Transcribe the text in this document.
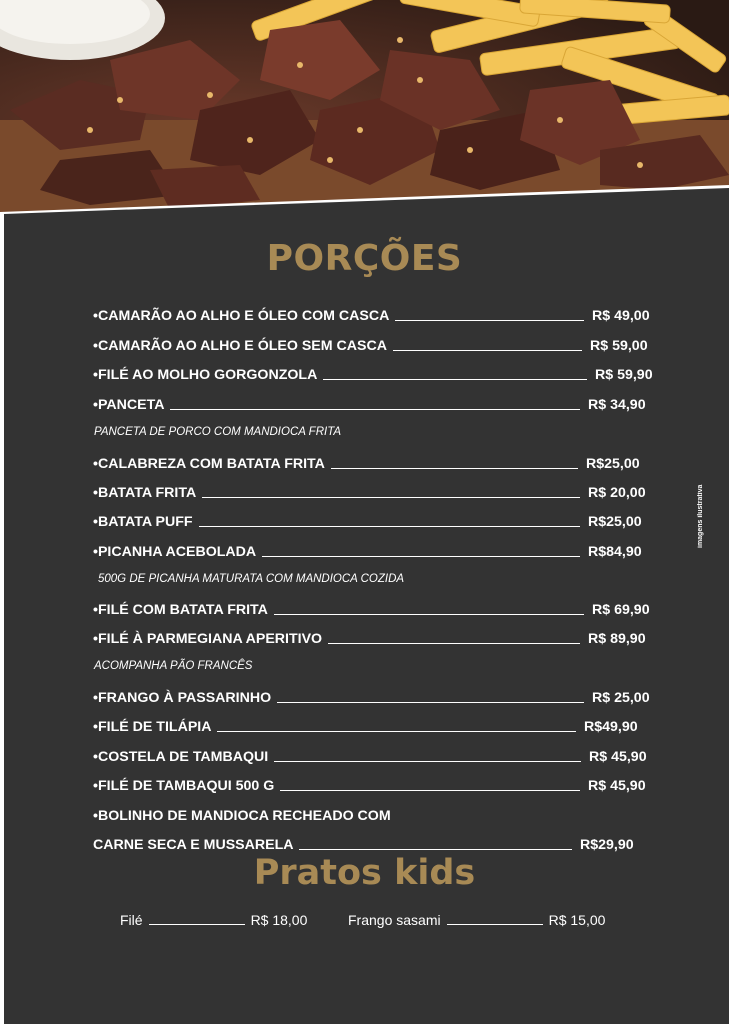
PORÇÕES
•CAMARÃO AO ALHO E ÓLEO COM CASCA	R$ 49,00
•CAMARÃO AO ALHO E ÓLEO SEM CASCA	R$ 59,00
•FILÉ AO MOLHO GORGONZOLA	R$ 59,90
•PANCETA	R$ 34,90
PANCETA DE PORCO COM MANDIOCA FRITA
•CALABREZA COM BATATA FRITA	R$25,00
•BATATA FRITA	R$ 20,00
•BATATA PUFF	R$25,00
•PICANHA ACEBOLADA	R$84,90
500G DE PICANHA MATURATA COM MANDIOCA COZIDA
•FILÉ COM BATATA FRITA	R$ 69,90
•FILÉ À PARMEGIANA APERITIVO	R$ 89,90
ACOMPANHA PÃO FRANCÊS
•FRANGO À PASSARINHO	R$ 25,00
•FILÉ DE TILÁPIA	R$49,90
•COSTELA DE TAMBAQUI	R$ 45,90
•FILÉ DE TAMBAQUI 500 G	R$ 45,90
•BOLINHO DE MANDIOCA RECHEADO COM
CARNE SECA E MUSSARELA	R$29,90
imagens ilustrativa
Pratos kids
Filé	R$ 18,00	Frango sasami	R$ 15,00
